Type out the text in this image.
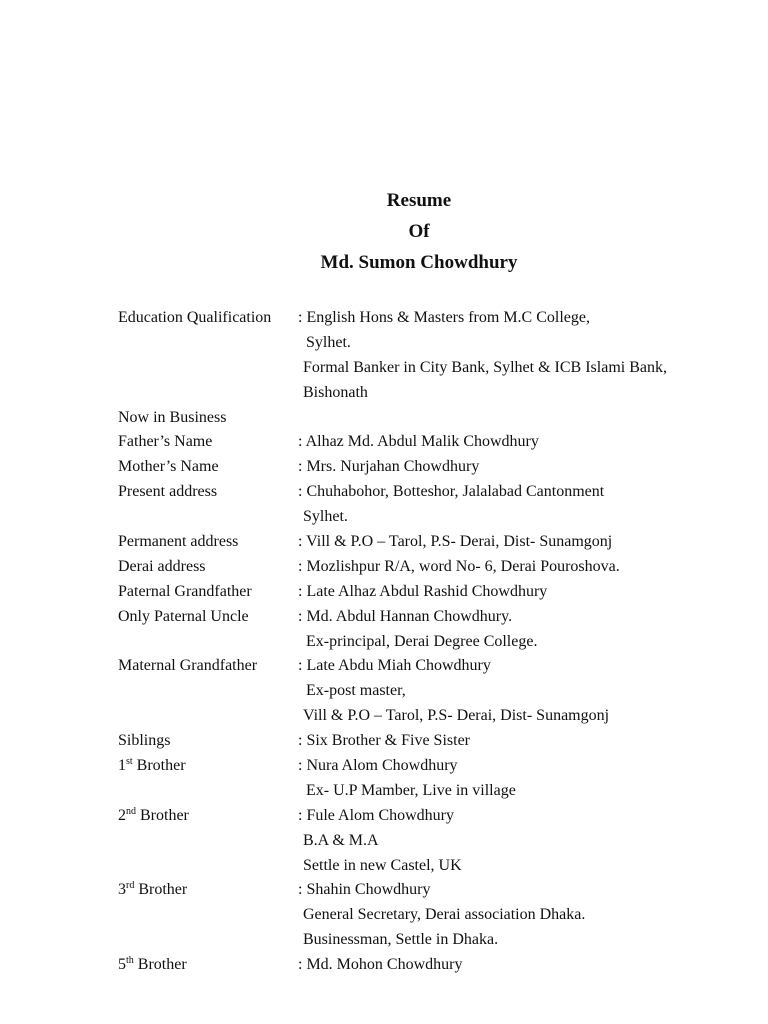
Resume
Of
Md. Sumon Chowdhury
Education Qualification : English Hons & Masters from M.C College,
Sylhet.
Formal Banker in City Bank, Sylhet & ICB Islami Bank,
Bishonath
Now in Business
Father’s Name	: Alhaz Md. Abdul Malik Chowdhury
Mother’s Name	: Mrs. Nurjahan Chowdhury
Present address	: Chuhabohor, Botteshor, Jalalabad Cantonment
Sylhet.
Permanent address	: Vill & P.O – Tarol, P.S- Derai, Dist- Sunamgonj
Derai address	: Mozlishpur R/A, word No- 6, Derai Pouroshova.
Paternal Grandfather	: Late Alhaz Abdul Rashid Chowdhury
Only Paternal Uncle	: Md. Abdul Hannan Chowdhury.
Ex-principal, Derai Degree College.
Maternal Grandfather	: Late Abdu Miah Chowdhury
Ex-post master,
Vill & P.O – Tarol, P.S- Derai, Dist- Sunamgonj
Siblings	: Six Brother & Five Sister
1st Brother	: Nura Alom Chowdhury
Ex- U.P Mamber, Live in village
2nd Brother	: Fule Alom Chowdhury
B.A & M.A
Settle in new Castel, UK
3rd Brother	: Shahin Chowdhury
General Secretary, Derai association Dhaka.
Businessman, Settle in Dhaka.
5th Brother	: Md. Mohon Chowdhury
